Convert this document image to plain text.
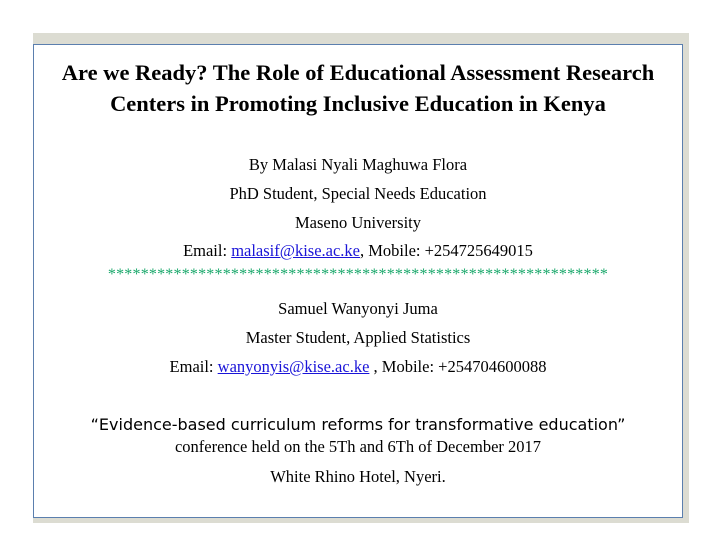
Are we Ready? The Role of Educational Assessment Research Centers in Promoting Inclusive Education in Kenya
By Malasi Nyali Maghuwa Flora
PhD Student, Special Needs Education
Maseno University
Email: malasif@kise.ac.ke, Mobile: +254725649015
*************************************************************
Samuel Wanyonyi Juma
Master Student, Applied Statistics
Email: wanyonyis@kise.ac.ke , Mobile: +254704600088
“Evidence-based curriculum reforms for transformative education”
conference held on the 5Th and 6Th of December 2017
White Rhino Hotel, Nyeri.
